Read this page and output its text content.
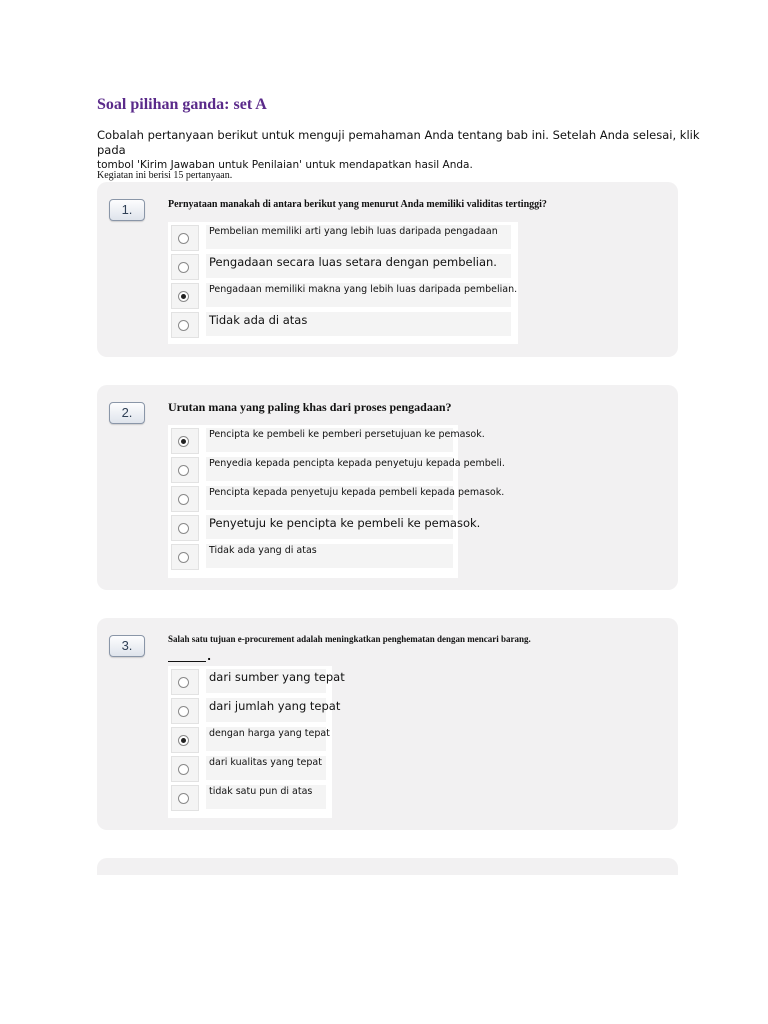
Soal pilihan ganda: set A
Cobalah pertanyaan berikut untuk menguji pemahaman Anda tentang bab ini. Setelah Anda selesai, klik pada
tombol 'Kirim Jawaban untuk Penilaian' untuk mendapatkan hasil Anda.
Kegiatan ini berisi 15 pertanyaan.
1.	Pernyataan manakah di antara berikut yang menurut Anda memiliki validitas tertinggi?
Pembelian memiliki arti yang lebih luas daripada pengadaan
Pengadaan secara luas setara dengan pembelian.
Pengadaan memiliki makna yang lebih luas daripada pembelian.
Tidak ada di atas
2.	Urutan mana yang paling khas dari proses pengadaan?
Pencipta ke pembeli ke pemberi persetujuan ke pemasok.
Penyedia kepada pencipta kepada penyetuju kepada pembeli.
Pencipta kepada penyetuju kepada pembeli kepada pemasok.
Penyetuju ke pencipta ke pembeli ke pemasok.
Tidak ada yang di atas
3.	Salah satu tujuan e-procurement adalah meningkatkan penghematan dengan mencari barang.
.
dari sumber yang tepat
dari jumlah yang tepat
dengan harga yang tepat
dari kualitas yang tepat
tidak satu pun di atas
